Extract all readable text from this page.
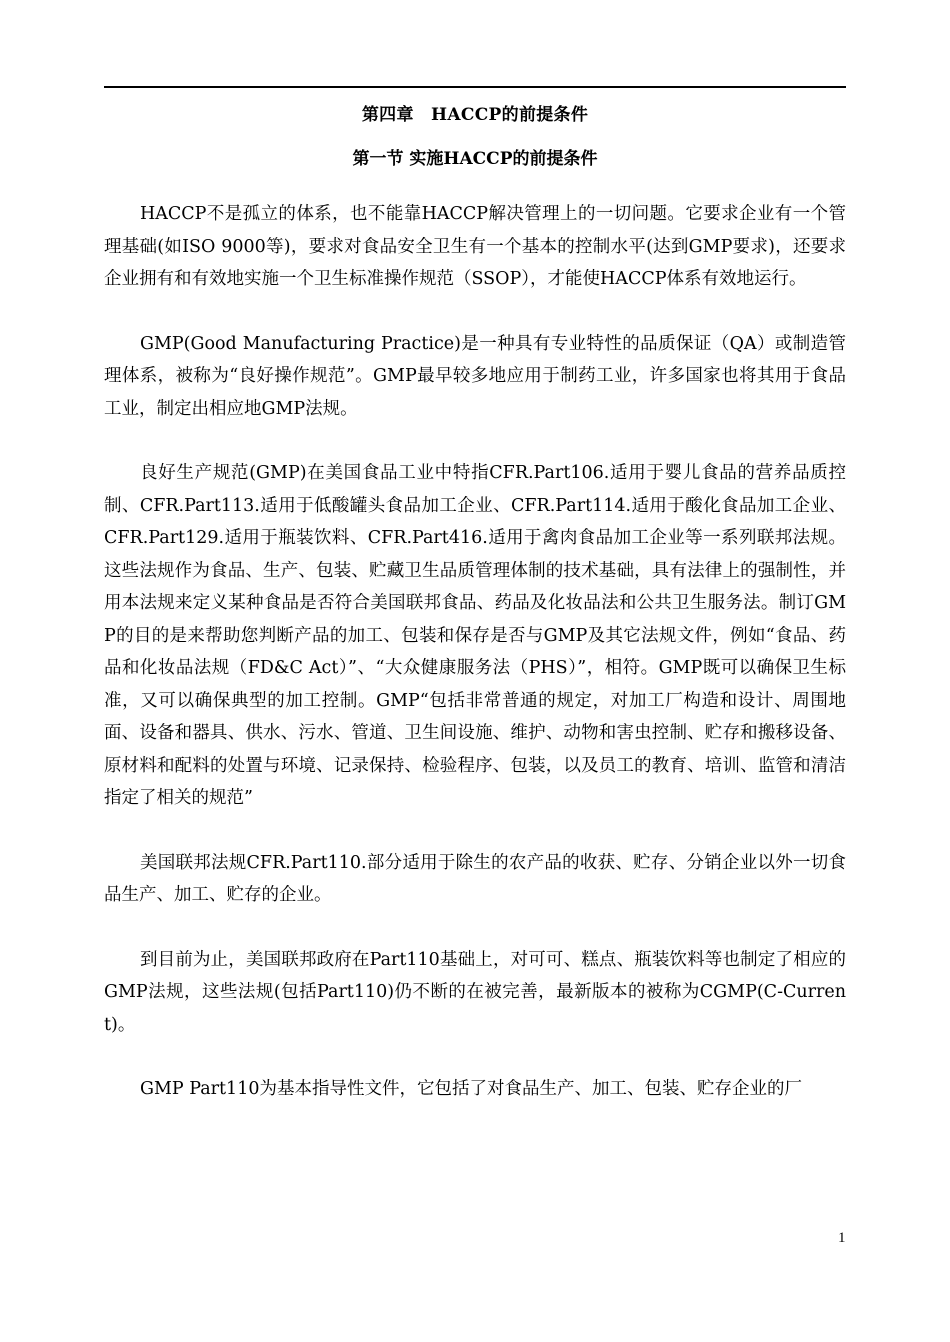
第四章　HACCP的前提条件
第一节 实施HACCP的前提条件

HACCP不是孤立的体系，也不能靠HACCP解决管理上的一切问题。它要求企业有一个管理基础(如ISO 9000等)，要求对食品安全卫生有一个基本的控制水平(达到GMP要求)，还要求企业拥有和有效地实施一个卫生标准操作规范（SSOP），才能使HACCP体系有效地运行。

GMP(Good Manufacturing Practice)是一种具有专业特性的品质保证（QA）或制造管理体系，被称为“良好操作规范”。GMP最早较多地应用于制药工业，许多国家也将其用于食品工业，制定出相应地GMP法规。

良好生产规范(GMP)在美国食品工业中特指CFR.Part106.适用于婴儿食品的营养品质控制、CFR.Part113.适用于低酸罐头食品加工企业、CFR.Part114.适用于酸化食品加工企业、CFR.Part129.适用于瓶装饮料、CFR.Part416.适用于禽肉食品加工企业等一系列联邦法规。这些法规作为食品、生产、包装、贮藏卫生品质管理体制的技术基础，具有法律上的强制性，并用本法规来定义某种食品是否符合美国联邦食品、药品及化妆品法和公共卫生服务法。制订GMP的目的是来帮助您判断产品的加工、包装和保存是否与GMP及其它法规文件，例如“食品、药品和化妆品法规（FD&C Act）”、“大众健康服务法（PHS）”，相符。GMP既可以确保卫生标准，又可以确保典型的加工控制。GMP“包括非常普通的规定，对加工厂构造和设计、周围地面、设备和器具、供水、污水、管道、卫生间设施、维护、动物和害虫控制、贮存和搬移设备、原材料和配料的处置与环境、记录保持、检验程序、包装，以及员工的教育、培训、监管和清洁指定了相关的规范”

美国联邦法规CFR.Part110.部分适用于除生的农产品的收获、贮存、分销企业以外一切食品生产、加工、贮存的企业。

到目前为止，美国联邦政府在Part110基础上，对可可、糕点、瓶装饮料等也制定了相应的GMP法规，这些法规(包括Part110)仍不断的在被完善，最新版本的被称为CGMP(C-Current)。

GMP Part110为基本指导性文件，它包括了对食品生产、加工、包装、贮存企业的厂

1
